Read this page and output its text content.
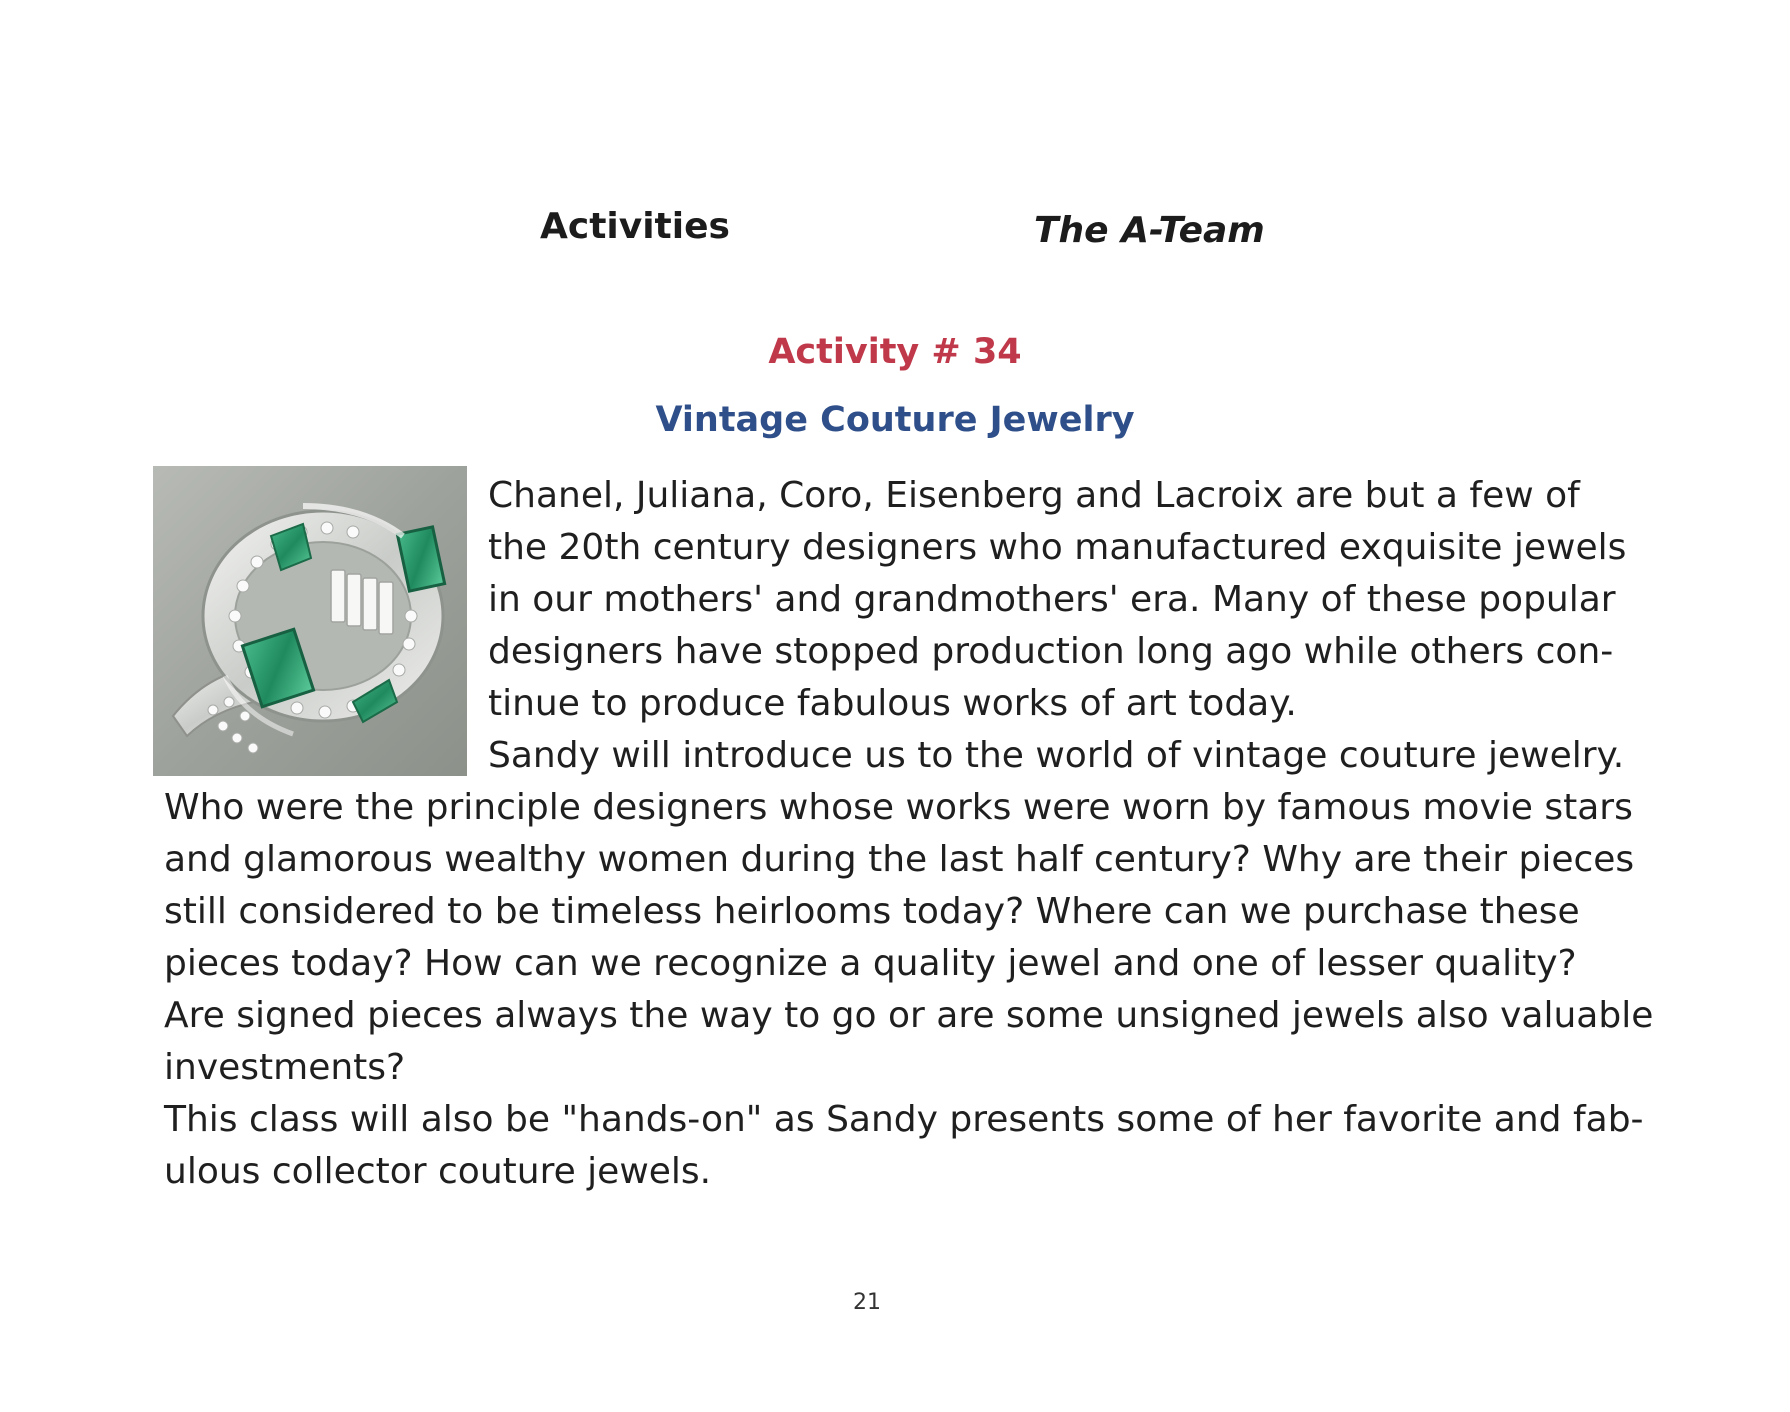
Activities	The A-Team
Activity # 34
Vintage Couture Jewelry
Chanel, Juliana, Coro, Eisenberg and Lacroix are but a few of
the 20th century designers who manufactured exquisite jewels
in our mothers' and grandmothers' era. Many of these popular
designers have stopped production long ago while others con-
tinue to produce fabulous works of art today.
Sandy will introduce us to the world of vintage couture jewelry.
Who were the principle designers whose works were worn by famous movie stars
and glamorous wealthy women during the last half century? Why are their pieces
still considered to be timeless heirlooms today? Where can we purchase these
pieces today? How can we recognize a quality jewel and one of lesser quality?
Are signed pieces always the way to go or are some unsigned jewels also valuable
investments?
This class will also be "hands-on" as Sandy presents some of her favorite and fab-
ulous collector couture jewels.
21
